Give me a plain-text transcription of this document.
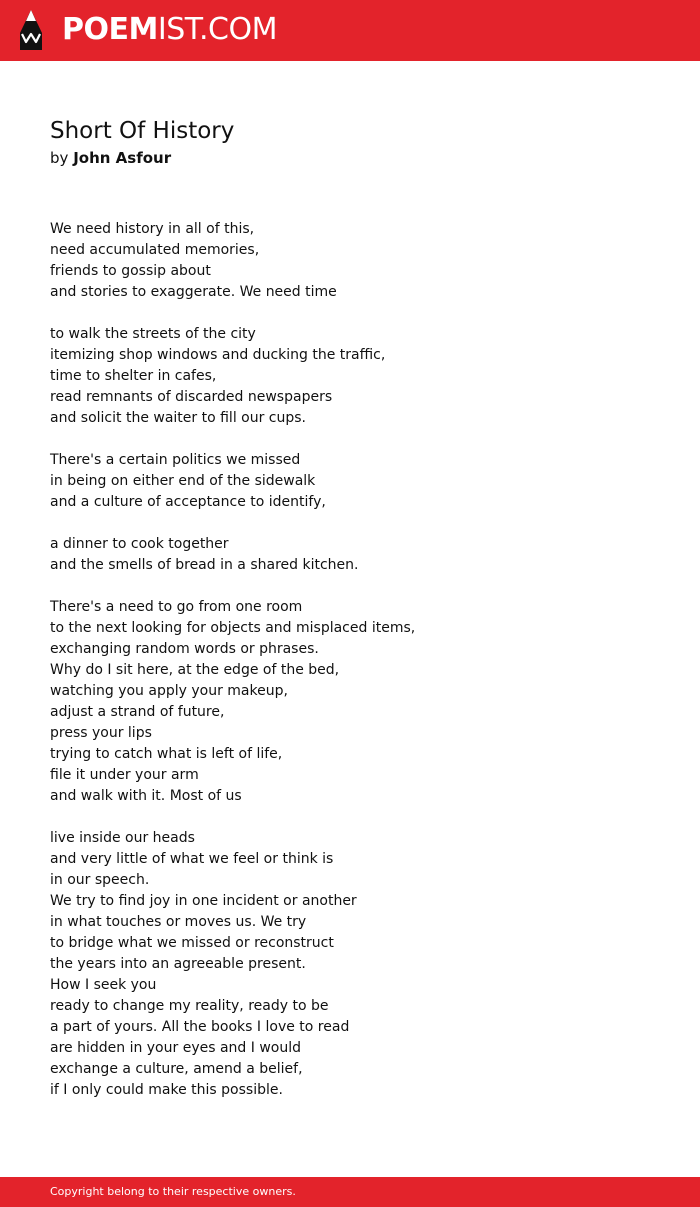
POEMIST.COM
Short Of History
by John Asfour
We need history in all of this,
need accumulated memories,
friends to gossip about
and stories to exaggerate. We need time
to walk the streets of the city
itemizing shop windows and ducking the traffic,
time to shelter in cafes,
read remnants of discarded newspapers
and solicit the waiter to fill our cups.
There's a certain politics we missed
in being on either end of the sidewalk
and a culture of acceptance to identify,
a dinner to cook together
and the smells of bread in a shared kitchen.
There's a need to go from one room
to the next looking for objects and misplaced items,
exchanging random words or phrases.
Why do I sit here, at the edge of the bed,
watching you apply your makeup,
adjust a strand of future,
press your lips
trying to catch what is left of life,
file it under your arm
and walk with it. Most of us
live inside our heads
and very little of what we feel or think is
in our speech.
We try to find joy in one incident or another
in what touches or moves us. We try
to bridge what we missed or reconstruct
the years into an agreeable present.
How I seek you
ready to change my reality, ready to be
a part of yours. All the books I love to read
are hidden in your eyes and I would
exchange a culture, amend a belief,
if I only could make this possible.
Copyright belong to their respective owners.
